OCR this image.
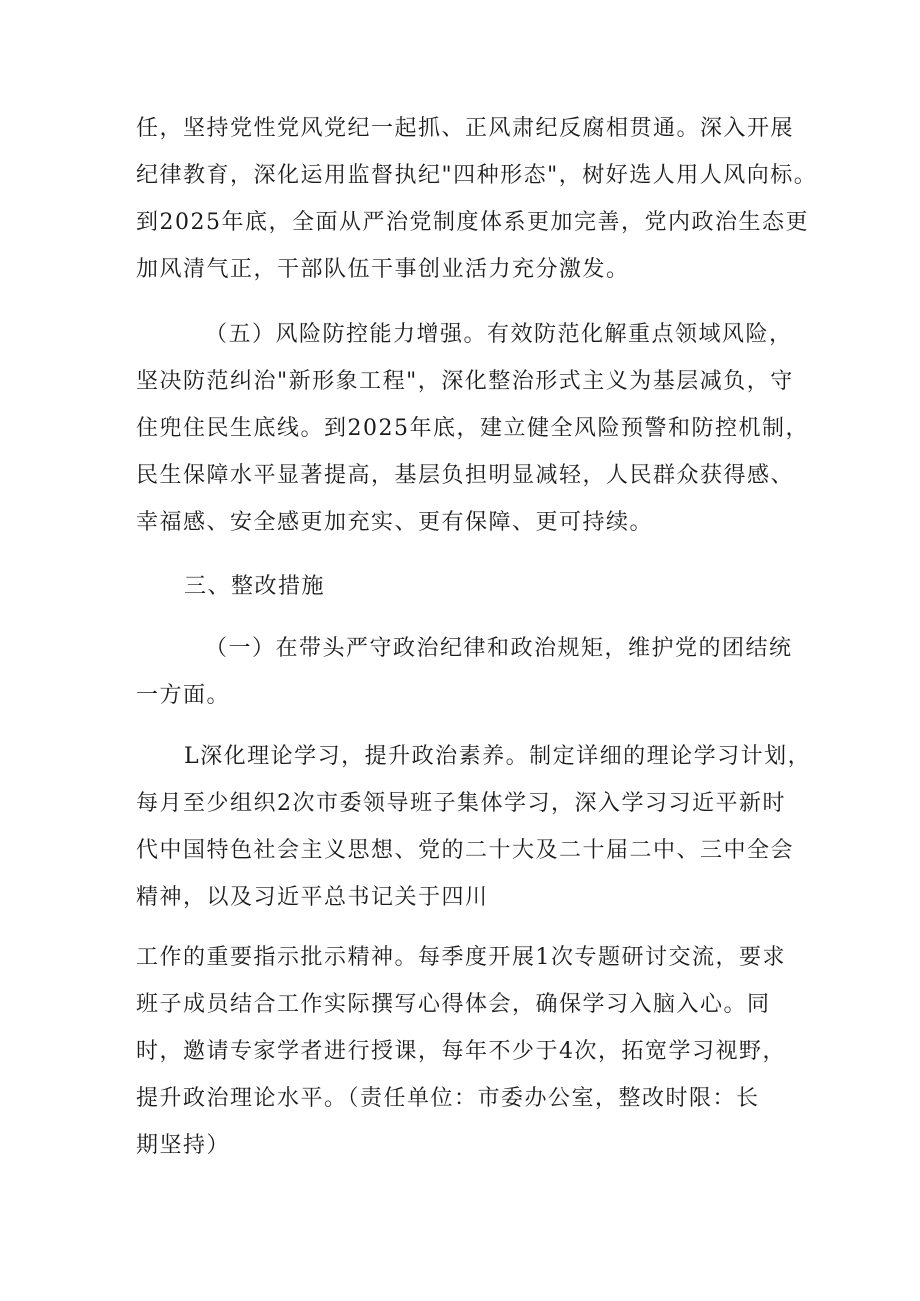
任，坚持党性党风党纪一起抓、正风肃纪反腐相贯通。深入开展
纪律教育，深化运用监督执纪"四种形态"，树好选人用人风向标。
到2025年底，全面从严治党制度体系更加完善，党内政治生态更
加风清气正，干部队伍干事创业活力充分激发。
（五）风险防控能力增强。有效防范化解重点领域风险，
坚决防范纠治"新形象工程"，深化整治形式主义为基层减负，守
住兜住民生底线。到2025年底，建立健全风险预警和防控机制，
民生保障水平显著提高，基层负担明显减轻，人民群众获得感、
幸福感、安全感更加充实、更有保障、更可持续。
三、整改措施
（一）在带头严守政治纪律和政治规矩，维护党的团结统
一方面。
L深化理论学习，提升政治素养。制定详细的理论学习计划，
每月至少组织2次市委领导班子集体学习，深入学习习近平新时
代中国特色社会主义思想、党的二十大及二十届二中、三中全会
精神，以及习近平总书记关于四川
工作的重要指示批示精神。每季度开展1次专题研讨交流，要求
班子成员结合工作实际撰写心得体会，确保学习入脑入心。同
时，邀请专家学者进行授课，每年不少于4次，拓宽学习视野，
提升政治理论水平。（责任单位：市委办公室，整改时限：长
期坚持）
